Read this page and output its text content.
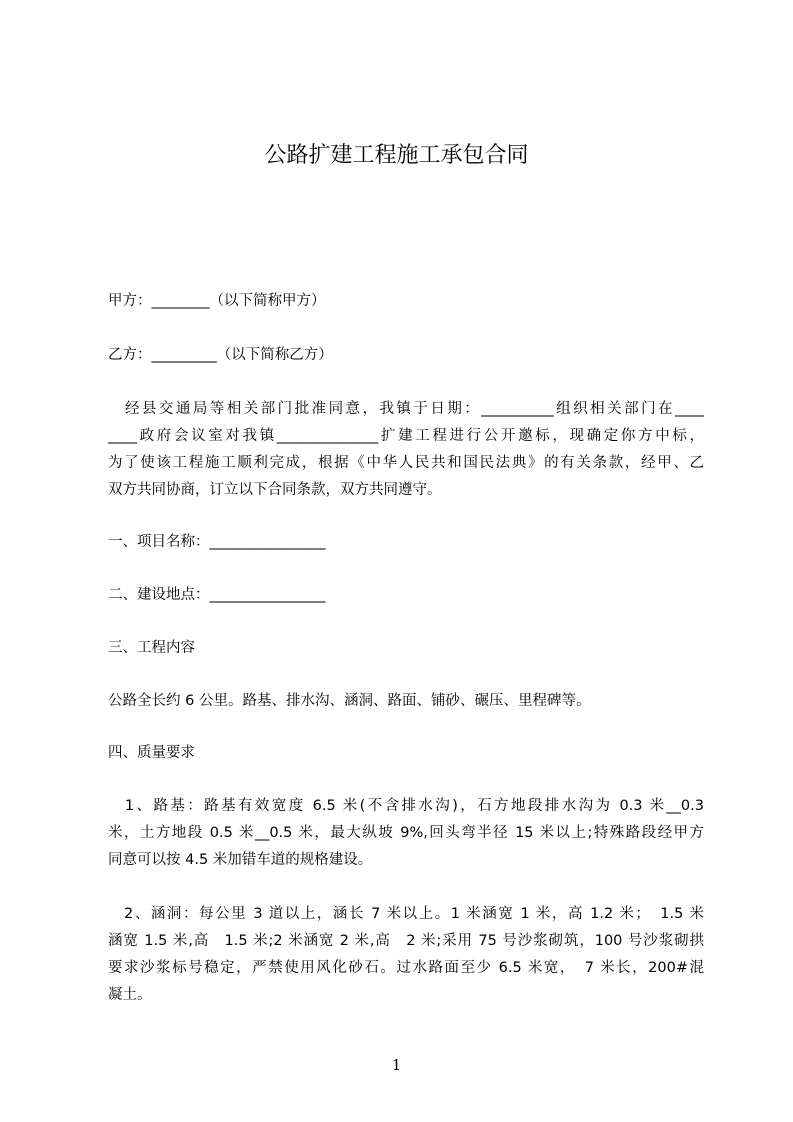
公路扩建工程施工承包合同
甲方：________（以下简称甲方）
乙方：_________（以下简称乙方）
　经县交通局等相关部门批准同意，我镇于日期：__________组织相关部门在____
____政府会议室对我镇______________扩建工程进行公开邀标，现确定你方中标，
为了使该工程施工顺利完成，根据《中华人民共和国民法典》的有关条款，经甲、乙
双方共同协商，订立以下合同条款，双方共同遵守。
一、项目名称：________________
二、建设地点：________________
三、工程内容
公路全长约 6 公里。路基、排水沟、涵洞、路面、铺砂、碾压、里程碑等。
四、质量要求
　1、路基：路基有效宽度 6.5 米(不含排水沟)，石方地段排水沟为 0.3 米__0.3
米，土方地段 0.5 米__0.5 米，最大纵坡 9%,回头弯半径 15 米以上;特殊路段经甲方
同意可以按 4.5 米加错车道的规格建设。
　2、涵洞：每公里 3 道以上，涵长 7 米以上。1 米涵宽 1 米，高 1.2 米；　1.5 米
涵宽 1.5 米,高　1.5 米;2 米涵宽 2 米,高　2 米;采用 75 号沙浆砌筑，100 号沙浆砌拱
要求沙浆标号稳定，严禁使用风化砂石。过水路面至少 6.5 米宽，　7 米长，200#混
凝土。
1
